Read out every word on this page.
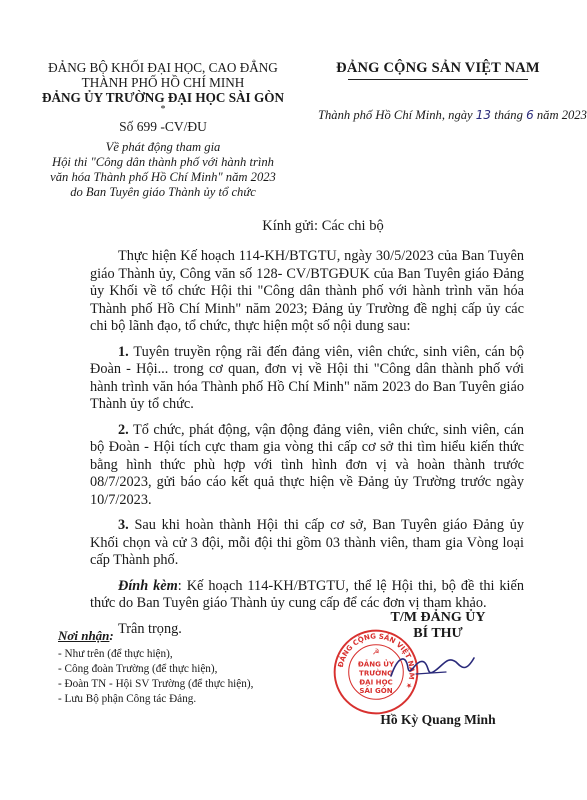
ĐẢNG BỘ KHỐI ĐẠI HỌC, CAO ĐẲNG
THÀNH PHỐ HỒ CHÍ MINH
ĐẢNG ỦY TRƯỜNG ĐẠI HỌC SÀI GÒN
*
Số 699 -CV/ĐU
Về phát động tham gia
Hội thi "Công dân thành phố với hành trình
văn hóa Thành phố Hồ Chí Minh" năm 2023
do Ban Tuyên giáo Thành ủy tổ chức
ĐẢNG CỘNG SẢN VIỆT NAM
Thành phố Hồ Chí Minh, ngày 13 tháng 6 năm 2023
Kính gửi: Các chi bộ

Thực hiện Kế hoạch 114-KH/BTGTU, ngày 30/5/2023 của Ban Tuyên giáo Thành ủy, Công văn số 128- CV/BTGĐUK của Ban Tuyên giáo Đảng ủy Khối về tổ chức Hội thi "Công dân thành phố với hành trình văn hóa Thành phố Hồ Chí Minh" năm 2023; Đảng ủy Trường đề nghị cấp ủy các chi bộ lãnh đạo, tổ chức, thực hiện một số nội dung sau:

1. Tuyên truyền rộng rãi đến đảng viên, viên chức, sinh viên, cán bộ Đoàn - Hội... trong cơ quan, đơn vị về Hội thi "Công dân thành phố với hành trình văn hóa Thành phố Hồ Chí Minh" năm 2023 do Ban Tuyên giáo Thành ủy tổ chức.

2. Tổ chức, phát động, vận động đảng viên, viên chức, sinh viên, cán bộ Đoàn - Hội tích cực tham gia vòng thi cấp cơ sở thi tìm hiểu kiến thức bằng hình thức phù hợp với tình hình đơn vị và hoàn thành trước 08/7/2023, gửi báo cáo kết quả thực hiện về Đảng ủy Trường trước ngày 10/7/2023.

3. Sau khi hoàn thành Hội thi cấp cơ sở, Ban Tuyên giáo Đảng ủy Khối chọn và cử 3 đội, mỗi đội thi gồm 03 thành viên, tham gia Vòng loại cấp Thành phố.

Đính kèm: Kế hoạch 114-KH/BTGTU, thể lệ Hội thi, bộ đề thi kiến thức do Ban Tuyên giáo Thành ủy cung cấp để các đơn vị tham khảo.

Trân trọng.

Nơi nhận:
- Như trên (để thực hiện),
- Công đoàn Trường (để thực hiện),
- Đoàn TN - Hội SV Trường (để thực hiện),
- Lưu Bộ phận Công tác Đảng.
ĐẢNG CỘNG SẢN VIỆT NAM ★
☭
ĐẢNG ỦY
TRƯỜNG
ĐẠI HỌC
SÀI GÒN
T/M ĐẢNG ỦY
BÍ THƯ
Hồ Kỳ Quang Minh
